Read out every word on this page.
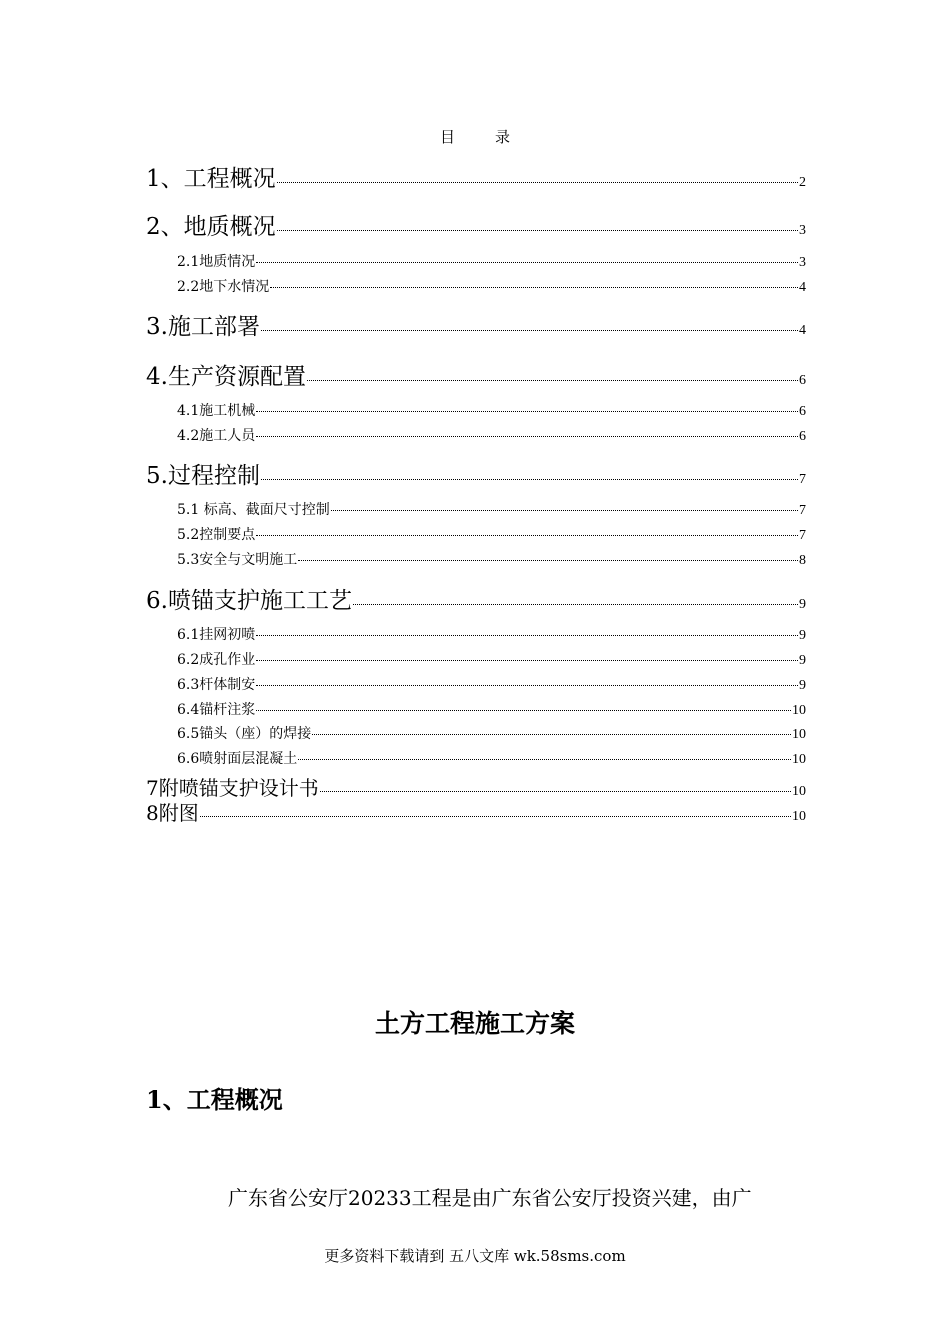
目录
1、工程概况	2
2、地质概况	3
2.1地质情况	3
2.2地下水情况	4
3.施工部署	4
4.生产资源配置	6
4.1施工机械	6
4.2施工人员	6
5.过程控制	7
5.1 标高、截面尺寸控制	7
5.2控制要点	7
5.3安全与文明施工	8
6.喷锚支护施工工艺	9
6.1挂网初喷	9
6.2成孔作业	9
6.3杆体制安	9
6.4锚杆注浆	10
6.5锚头（座）的焊接	10
6.6喷射面层混凝土	10
7附喷锚支护设计书	10
8附图	10
土方工程施工方案
1、工程概况
广东省公安厅20233工程是由广东省公安厅投资兴建，由广
更多资料下载请到 五八文库 wk.58sms.com
